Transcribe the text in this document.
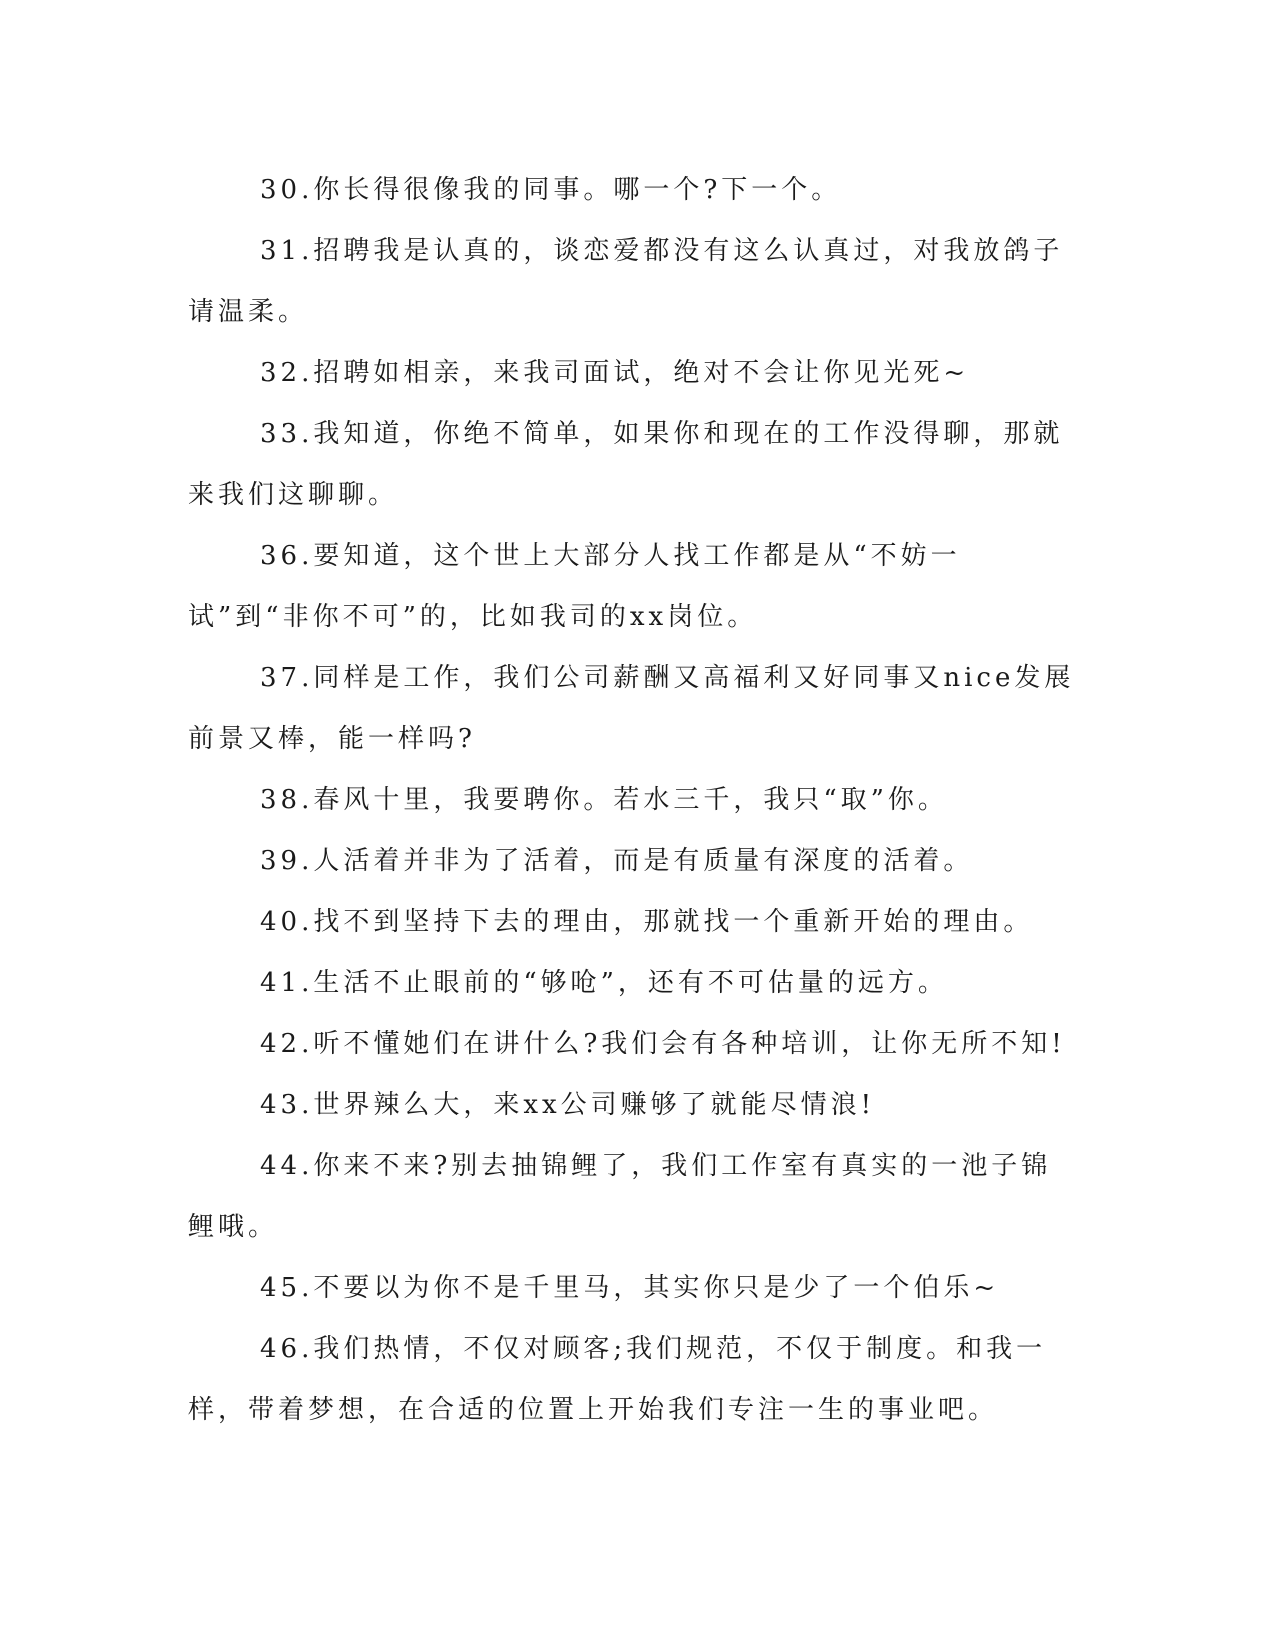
30.你长得很像我的同事。哪一个?下一个。

31.招聘我是认真的，谈恋爱都没有这么认真过，对我放鸽子请温柔。

32.招聘如相亲，来我司面试，绝对不会让你见光死~

33.我知道，你绝不简单，如果你和现在的工作没得聊，那就来我们这聊聊。

36.要知道，这个世上大部分人找工作都是从“不妨一试”到“非你不可”的，比如我司的xx岗位。

37.同样是工作，我们公司薪酬又高福利又好同事又nice发展前景又棒，能一样吗?

38.春风十里，我要聘你。若水三千，我只“取”你。

39.人活着并非为了活着，而是有质量有深度的活着。

40.找不到坚持下去的理由，那就找一个重新开始的理由。

41.生活不止眼前的“够呛”，还有不可估量的远方。

42.听不懂她们在讲什么?我们会有各种培训，让你无所不知!

43.世界辣么大，来xx公司赚够了就能尽情浪!

44.你来不来?别去抽锦鲤了，我们工作室有真实的一池子锦鲤哦。

45.不要以为你不是千里马，其实你只是少了一个伯乐~

46.我们热情，不仅对顾客;我们规范，不仅于制度。和我一样，带着梦想，在合适的位置上开始我们专注一生的事业吧。
